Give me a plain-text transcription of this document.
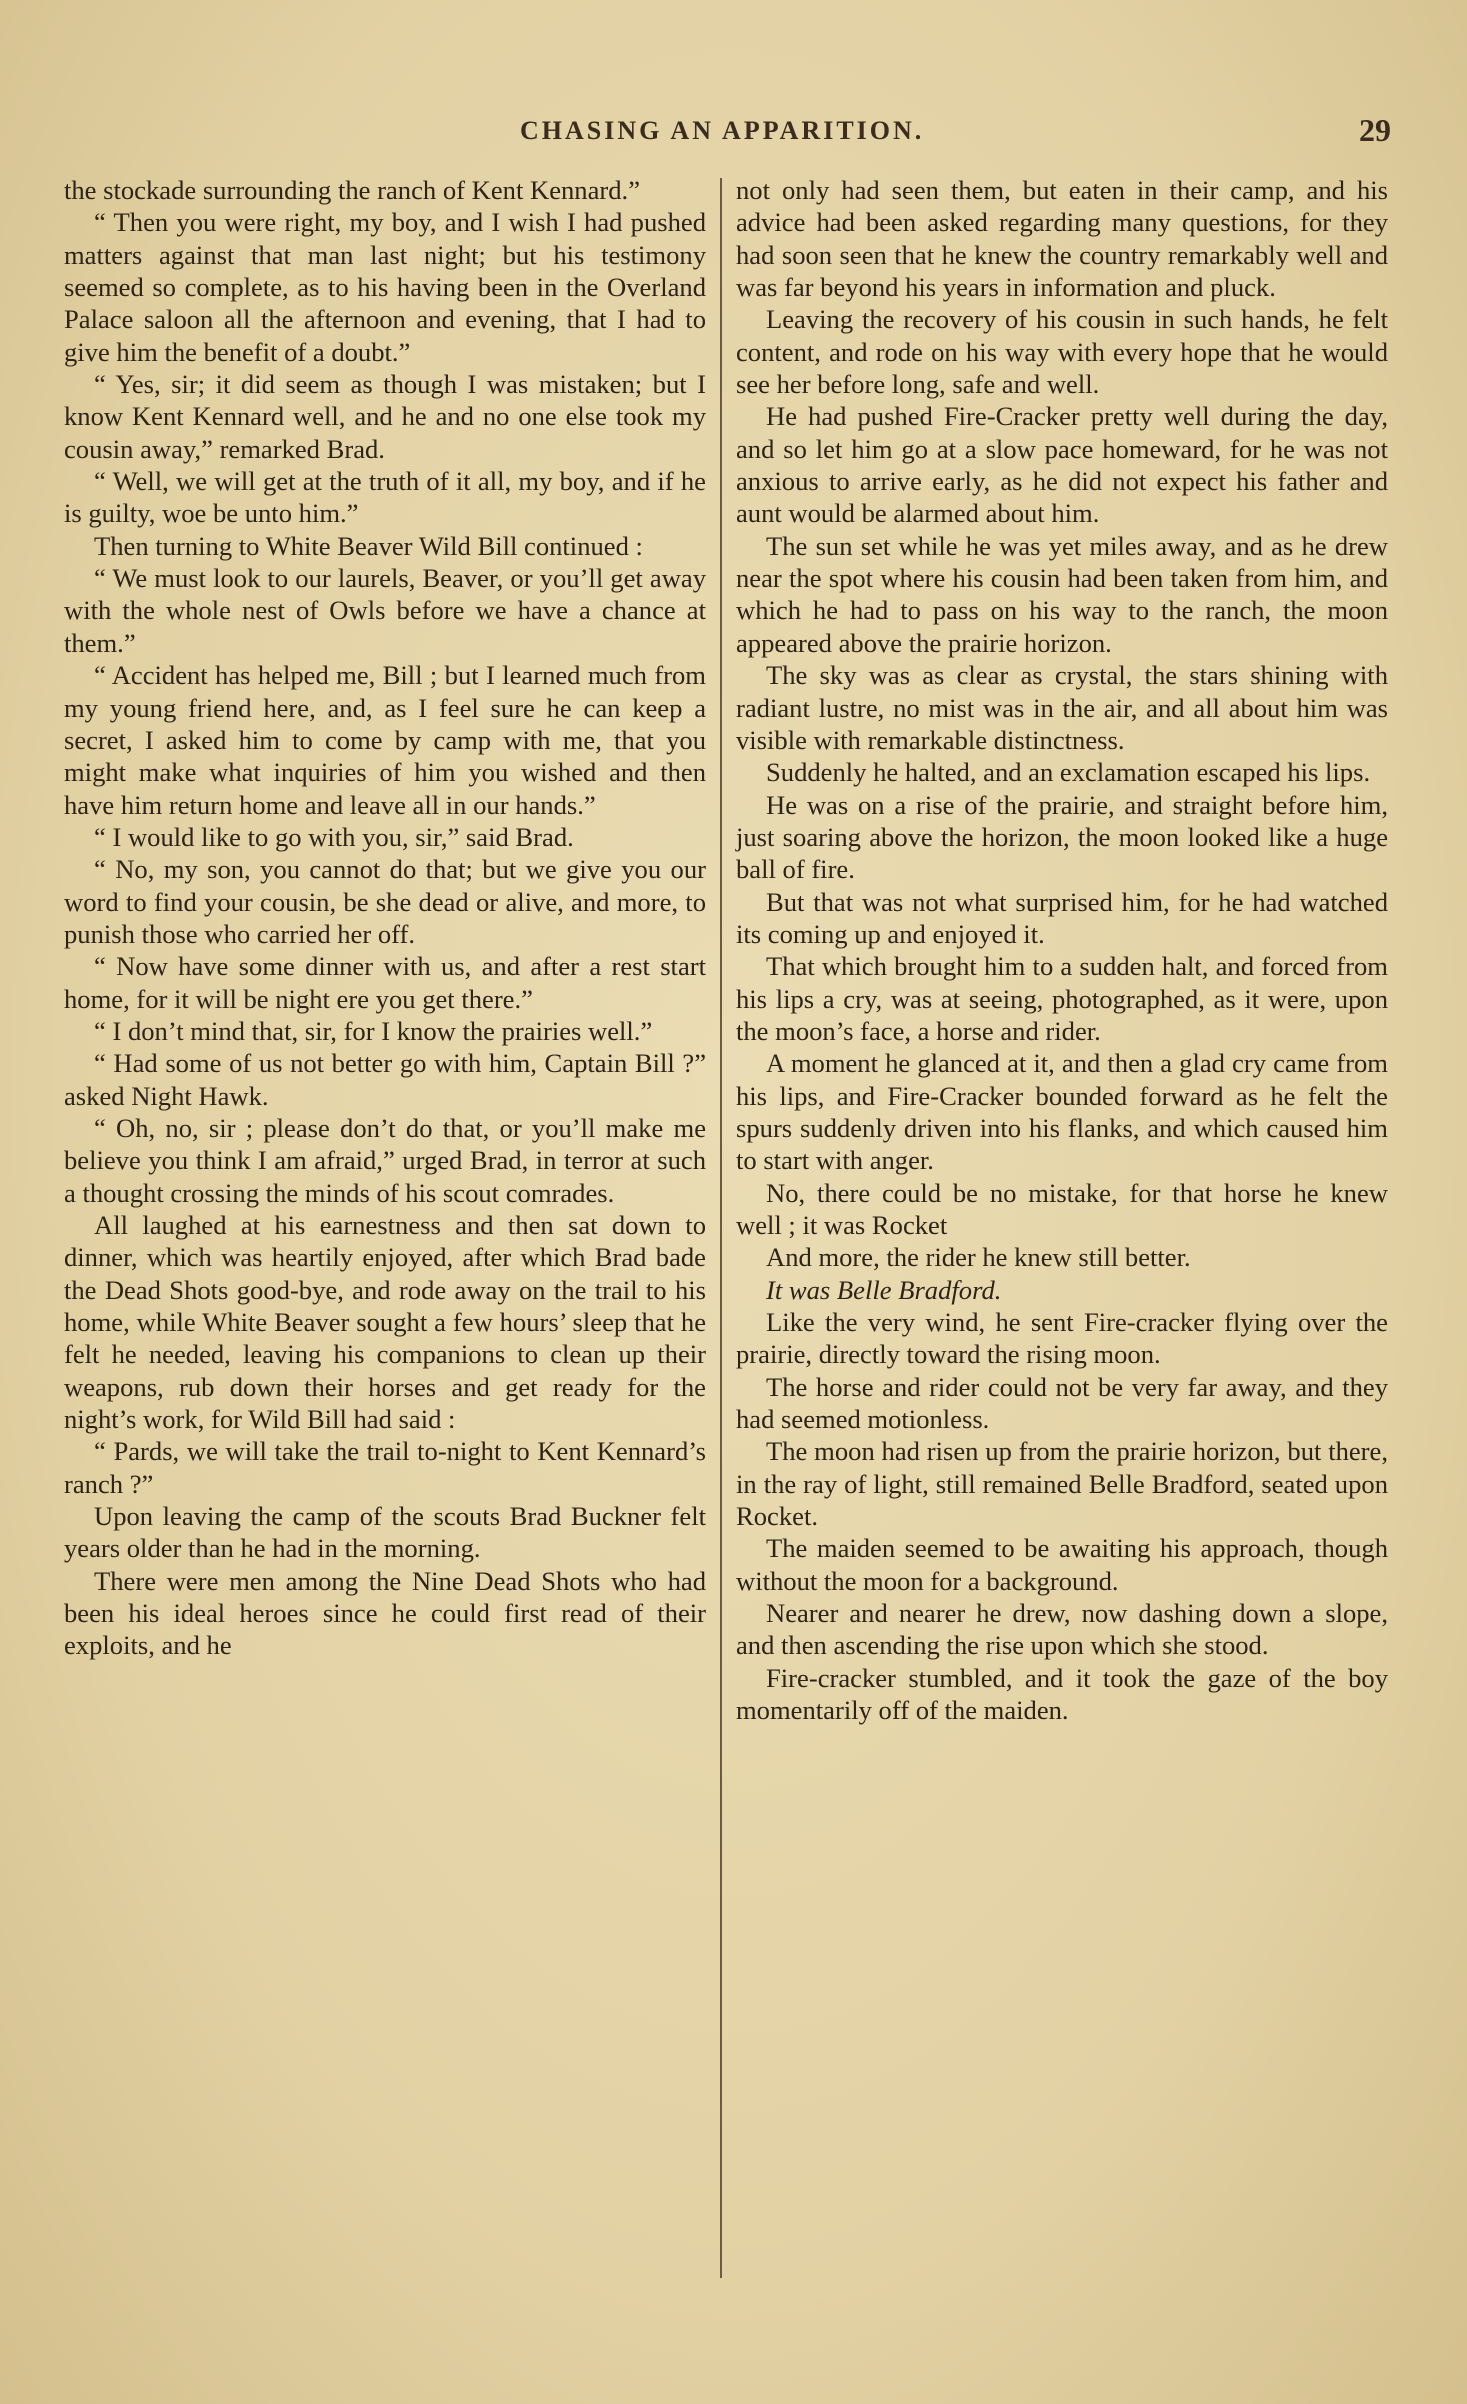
CHASING AN APPARITION.	29

the stockade surrounding the ranch of Kent Kennard.”

“ Then you were right, my boy, and I wish I had pushed matters against that man last night; but his testimony seemed so complete, as to his having been in the Overland Palace saloon all the afternoon and evening, that I had to give him the benefit of a doubt.”

“ Yes, sir; it did seem as though I was mistaken; but I know Kent Kennard well, and he and no one else took my cousin away,” remarked Brad.

“ Well, we will get at the truth of it all, my boy, and if he is guilty, woe be unto him.”

Then turning to White Beaver Wild Bill continued :

“ We must look to our laurels, Beaver, or you’ll get away with the whole nest of Owls before we have a chance at them.”

“ Accident has helped me, Bill ; but I learned much from my young friend here, and, as I feel sure he can keep a secret, I asked him to come by camp with me, that you might make what inquiries of him you wished and then have him return home and leave all in our hands.”

“ I would like to go with you, sir,” said Brad.

“ No, my son, you cannot do that; but we give you our word to find your cousin, be she dead or alive, and more, to punish those who carried her off.

“ Now have some dinner with us, and after a rest start home, for it will be night ere you get there.”

“ I don’t mind that, sir, for I know the prairies well.”

“ Had some of us not better go with him, Captain Bill ?” asked Night Hawk.

“ Oh, no, sir ; please don’t do that, or you’ll make me believe you think I am afraid,” urged Brad, in terror at such a thought crossing the minds of his scout comrades.

All laughed at his earnestness and then sat down to dinner, which was heartily enjoyed, after which Brad bade the Dead Shots good-bye, and rode away on the trail to his home, while White Beaver sought a few hours’ sleep that he felt he needed, leaving his companions to clean up their weapons, rub down their horses and get ready for the night’s work, for Wild Bill had said :

“ Pards, we will take the trail to-night to Kent Kennard’s ranch ?”

Upon leaving the camp of the scouts Brad Buckner felt years older than he had in the morning.

There were men among the Nine Dead Shots who had been his ideal heroes since he could first read of their exploits, and he

not only had seen them, but eaten in their camp, and his advice had been asked regarding many questions, for they had soon seen that he knew the country remarkably well and was far beyond his years in information and pluck.

Leaving the recovery of his cousin in such hands, he felt content, and rode on his way with every hope that he would see her before long, safe and well.

He had pushed Fire-Cracker pretty well during the day, and so let him go at a slow pace homeward, for he was not anxious to arrive early, as he did not expect his father and aunt would be alarmed about him.

The sun set while he was yet miles away, and as he drew near the spot where his cousin had been taken from him, and which he had to pass on his way to the ranch, the moon appeared above the prairie horizon.

The sky was as clear as crystal, the stars shining with radiant lustre, no mist was in the air, and all about him was visible with remarkable distinctness.

Suddenly he halted, and an exclamation escaped his lips.

He was on a rise of the prairie, and straight before him, just soaring above the horizon, the moon looked like a huge ball of fire.

But that was not what surprised him, for he had watched its coming up and enjoyed it.

That which brought him to a sudden halt, and forced from his lips a cry, was at seeing, photographed, as it were, upon the moon’s face, a horse and rider.

A moment he glanced at it, and then a glad cry came from his lips, and Fire-Cracker bounded forward as he felt the spurs suddenly driven into his flanks, and which caused him to start with anger.

No, there could be no mistake, for that horse he knew well ; it was Rocket

And more, the rider he knew still better.

It was Belle Bradford.

Like the very wind, he sent Fire-cracker flying over the prairie, directly toward the rising moon.

The horse and rider could not be very far away, and they had seemed motionless.

The moon had risen up from the prairie horizon, but there, in the ray of light, still remained Belle Bradford, seated upon Rocket.

The maiden seemed to be awaiting his approach, though without the moon for a background.

Nearer and nearer he drew, now dashing down a slope, and then ascending the rise upon which she stood.

Fire-cracker stumbled, and it took the gaze of the boy momentarily off of the maiden.
